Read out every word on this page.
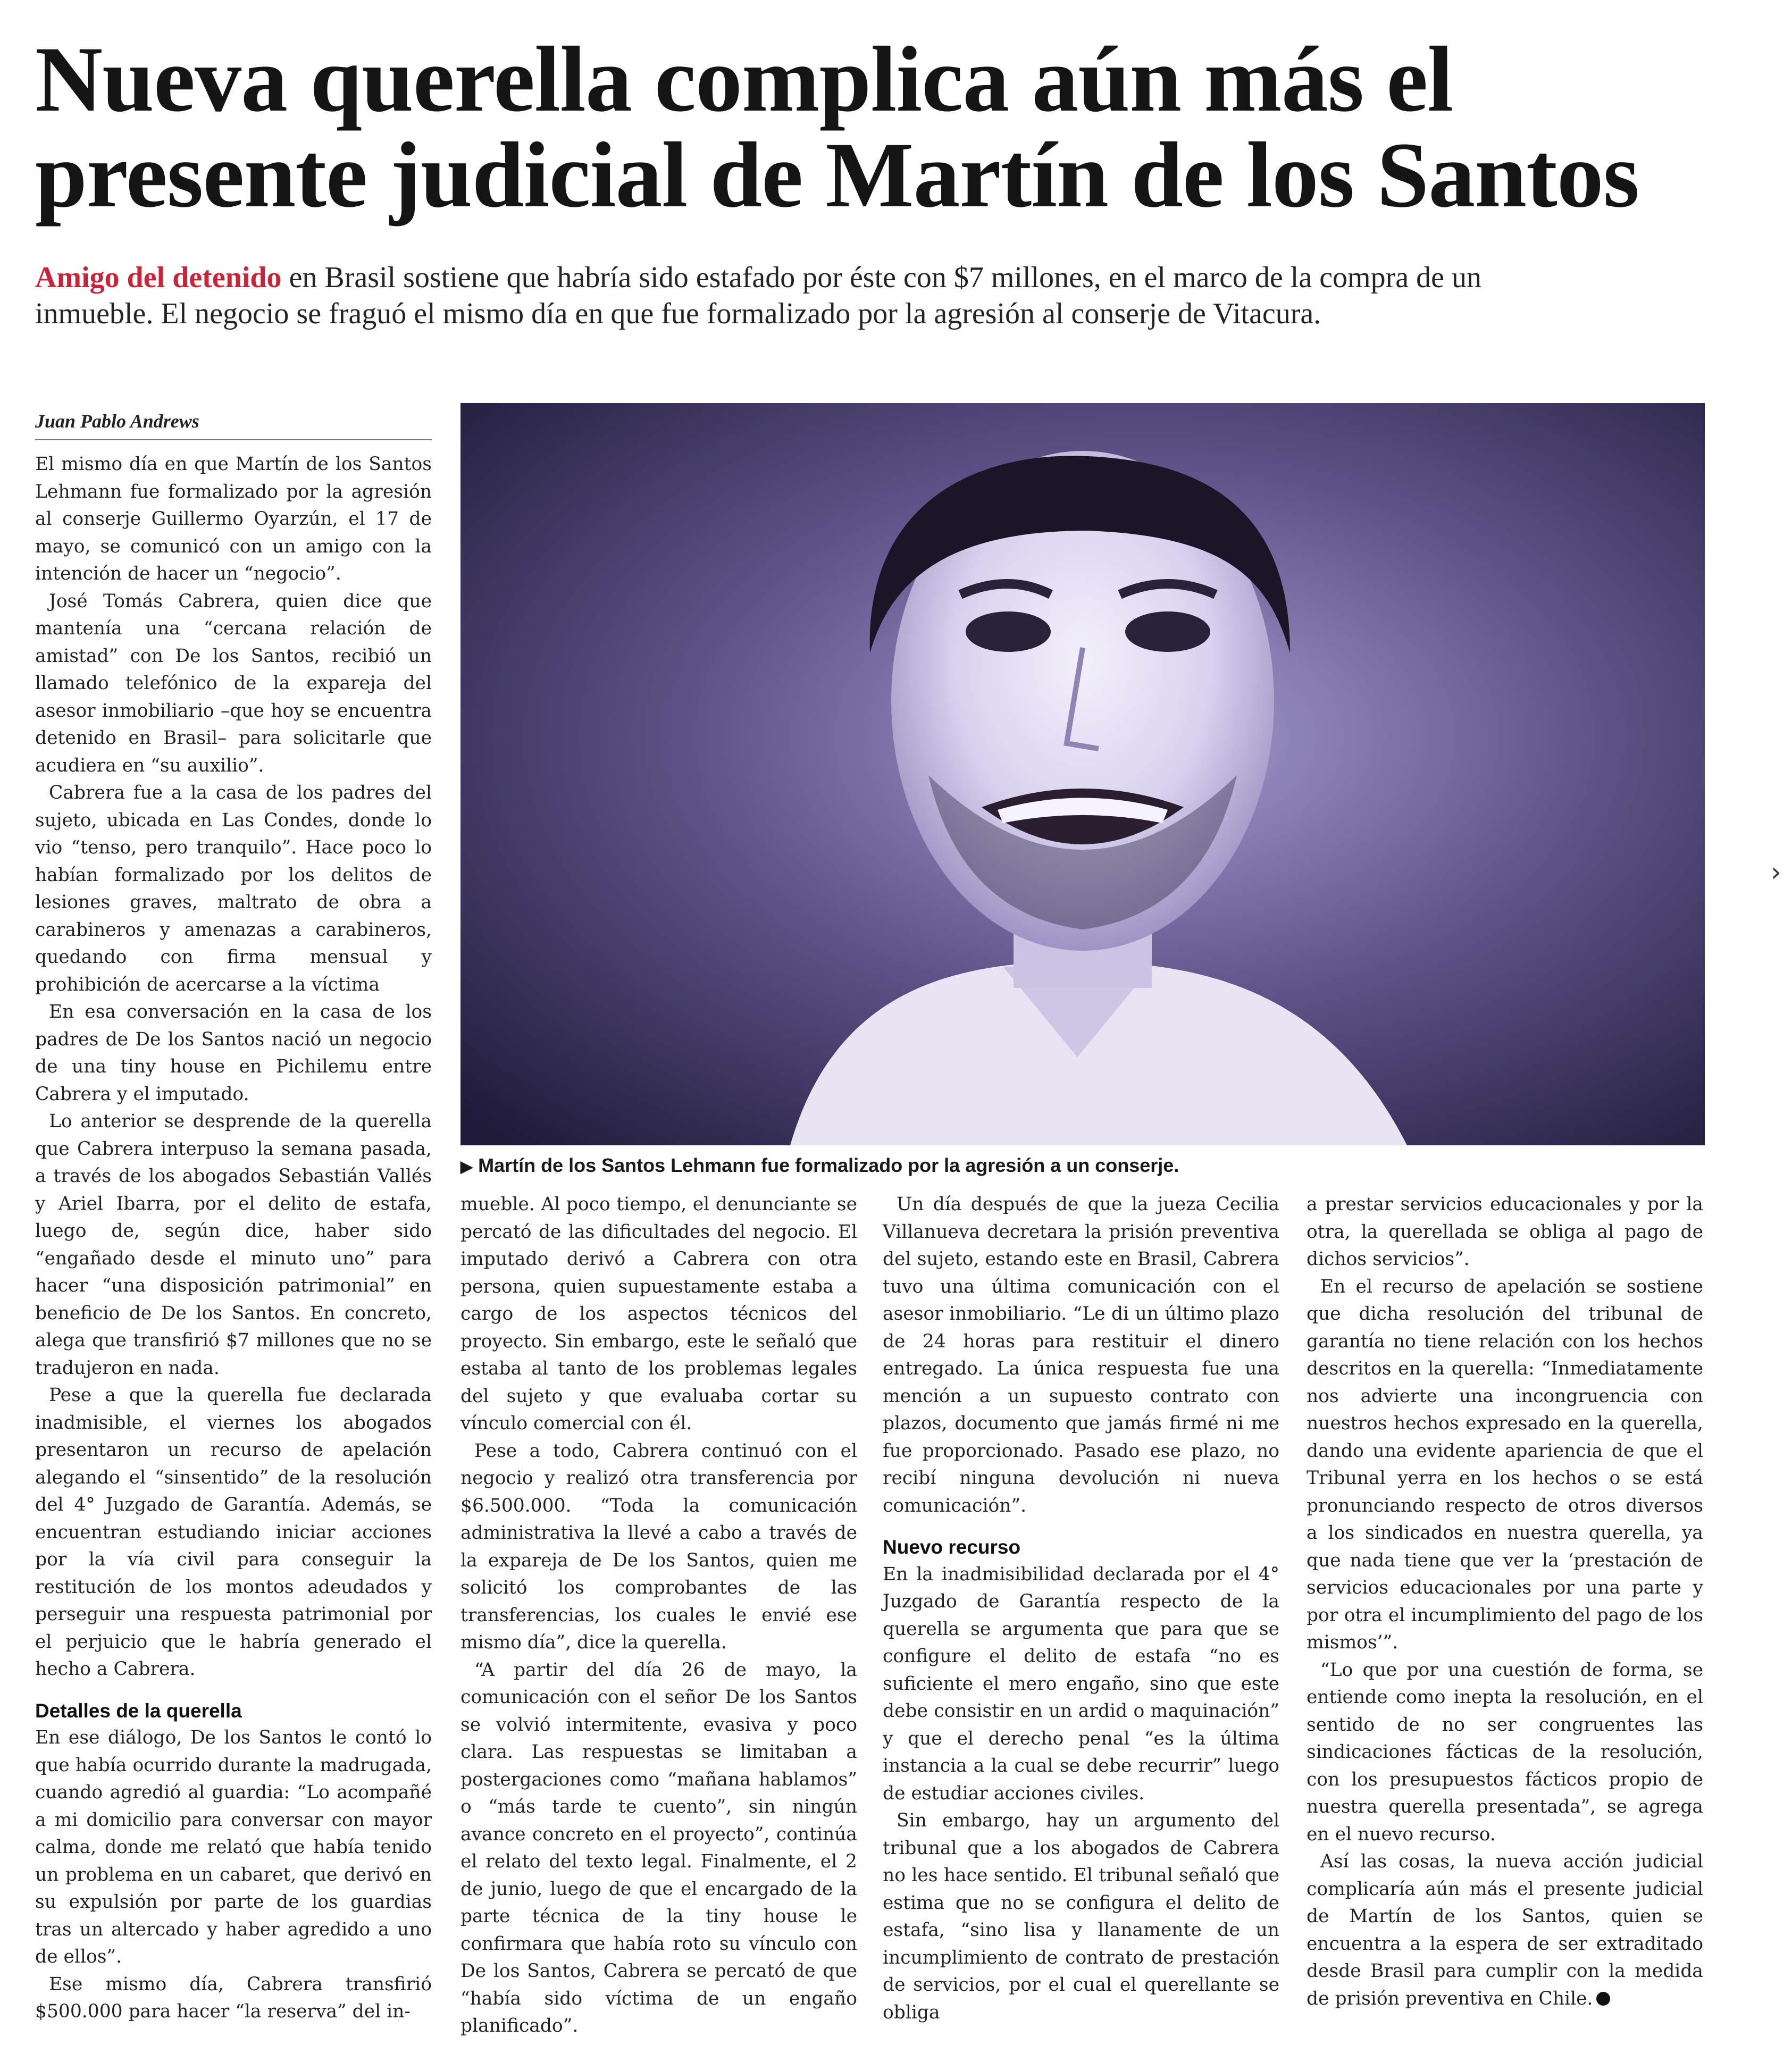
Nueva querella complica aún más el
presente judicial de Martín de los Santos
Amigo del detenido en Brasil sostiene que habría sido estafado por éste con $7 millones, en el marco de la compra de un inmueble. El negocio se fraguó el mismo día en que fue formalizado por la agresión al conserje de Vitacura.
Juan Pablo Andrews
▶ Martín de los Santos Lehmann fue formalizado por la agresión a un conserje.
›

El mismo día en que Martín de los Santos Lehmann fue formalizado por la agresión al conserje Guillermo Oyarzún, el 17 de mayo, se comunicó con un amigo con la intención de hacer un “negocio”.

José Tomás Cabrera, quien dice que mantenía una “cercana relación de amistad” con De los Santos, recibió un llamado telefónico de la expareja del asesor inmobiliario –que hoy se encuentra detenido en Brasil– para solicitarle que acudiera en “su auxilio”.

Cabrera fue a la casa de los padres del sujeto, ubicada en Las Condes, donde lo vio “tenso, pero tranquilo”. Hace poco lo habían formalizado por los delitos de lesiones graves, maltrato de obra a carabineros y amenazas a carabineros, quedando con firma mensual y prohibición de acercarse a la víctima

En esa conversación en la casa de los padres de De los Santos nació un negocio de una tiny house en Pichilemu entre Cabrera y el imputado.

Lo anterior se desprende de la querella que Cabrera interpuso la semana pasada, a través de los abogados Sebastián Vallés y Ariel Ibarra, por el delito de estafa, luego de, según dice, haber sido “engañado desde el minuto uno” para hacer “una disposición patrimonial” en beneficio de De los Santos. En concreto, alega que transfirió $7 millones que no se tradujeron en nada.

Pese a que la querella fue declarada inadmisible, el viernes los abogados presentaron un recurso de apelación alegando el “sinsentido” de la resolución del 4° Juzgado de Garantía. Además, se encuentran estudiando iniciar acciones por la vía civil para conseguir la restitución de los montos adeudados y perseguir una respuesta patrimonial por el perjuicio que le habría generado el hecho a Cabrera.

Detalles de la querella

En ese diálogo, De los Santos le contó lo que había ocurrido durante la madrugada, cuando agredió al guardia: “Lo acompañé a mi domicilio para conversar con mayor calma, donde me relató que había tenido un problema en un cabaret, que derivó en su expulsión por parte de los guardias tras un altercado y haber agredido a uno de ellos”.

Ese mismo día, Cabrera transfirió $500.000 para hacer “la reserva” del in-

mueble. Al poco tiempo, el denunciante se percató de las dificultades del negocio. El imputado derivó a Cabrera con otra persona, quien supuestamente estaba a cargo de los aspectos técnicos del proyecto. Sin embargo, este le señaló que estaba al tanto de los problemas legales del sujeto y que evaluaba cortar su vínculo comercial con él.

Pese a todo, Cabrera continuó con el negocio y realizó otra transferencia por $6.500.000. “Toda la comunicación administrativa la llevé a cabo a través de la expareja de De los Santos, quien me solicitó los comprobantes de las transferencias, los cuales le envié ese mismo día”, dice la querella.

“A partir del día 26 de mayo, la comunicación con el señor De los Santos se volvió intermitente, evasiva y poco clara. Las respuestas se limitaban a postergaciones como “mañana hablamos” o “más tarde te cuento”, sin ningún avance concreto en el proyecto”, continúa el relato del texto legal. Finalmente, el 2 de junio, luego de que el encargado de la parte técnica de la tiny house le confirmara que había roto su vínculo con De los Santos, Cabrera se percató de que “había sido víctima de un engaño planificado”.

Un día después de que la jueza Cecilia Villanueva decretara la prisión preventiva del sujeto, estando este en Brasil, Cabrera tuvo una última comunicación con el asesor inmobiliario. “Le di un último plazo de 24 horas para restituir el dinero entregado. La única respuesta fue una mención a un supuesto contrato con plazos, documento que jamás firmé ni me fue proporcionado. Pasado ese plazo, no recibí ninguna devolución ni nueva comunicación”.

Nuevo recurso

En la inadmisibilidad declarada por el 4° Juzgado de Garantía respecto de la querella se argumenta que para que se configure el delito de estafa “no es suficiente el mero engaño, sino que este debe consistir en un ardid o maquinación” y que el derecho penal “es la última instancia a la cual se debe recurrir” luego de estudiar acciones civiles.

Sin embargo, hay un argumento del tribunal que a los abogados de Cabrera no les hace sentido. El tribunal señaló que estima que no se configura el delito de estafa, “sino lisa y llanamente de un incumplimiento de contrato de prestación de servicios, por el cual el querellante se obliga

a prestar servicios educacionales y por la otra, la querellada se obliga al pago de dichos servicios”.

En el recurso de apelación se sostiene que dicha resolución del tribunal de garantía no tiene relación con los hechos descritos en la querella: “Inmediatamente nos advierte una incongruencia con nuestros hechos expresado en la querella, dando una evidente apariencia de que el Tribunal yerra en los hechos o se está pronunciando respecto de otros diversos a los sindicados en nuestra querella, ya que nada tiene que ver la ‘prestación de servicios educacionales por una parte y por otra el incumplimiento del pago de los mismos’”.

“Lo que por una cuestión de forma, se entiende como inepta la resolución, en el sentido de no ser congruentes las sindicaciones fácticas de la resolución, con los presupuestos fácticos propio de nuestra querella presentada”, se agrega en el nuevo recurso.

Así las cosas, la nueva acción judicial complicaría aún más el presente judicial de Martín de los Santos, quien se encuentra a la espera de ser extraditado desde Brasil para cumplir con la medida de prisión preventiva en Chile.
